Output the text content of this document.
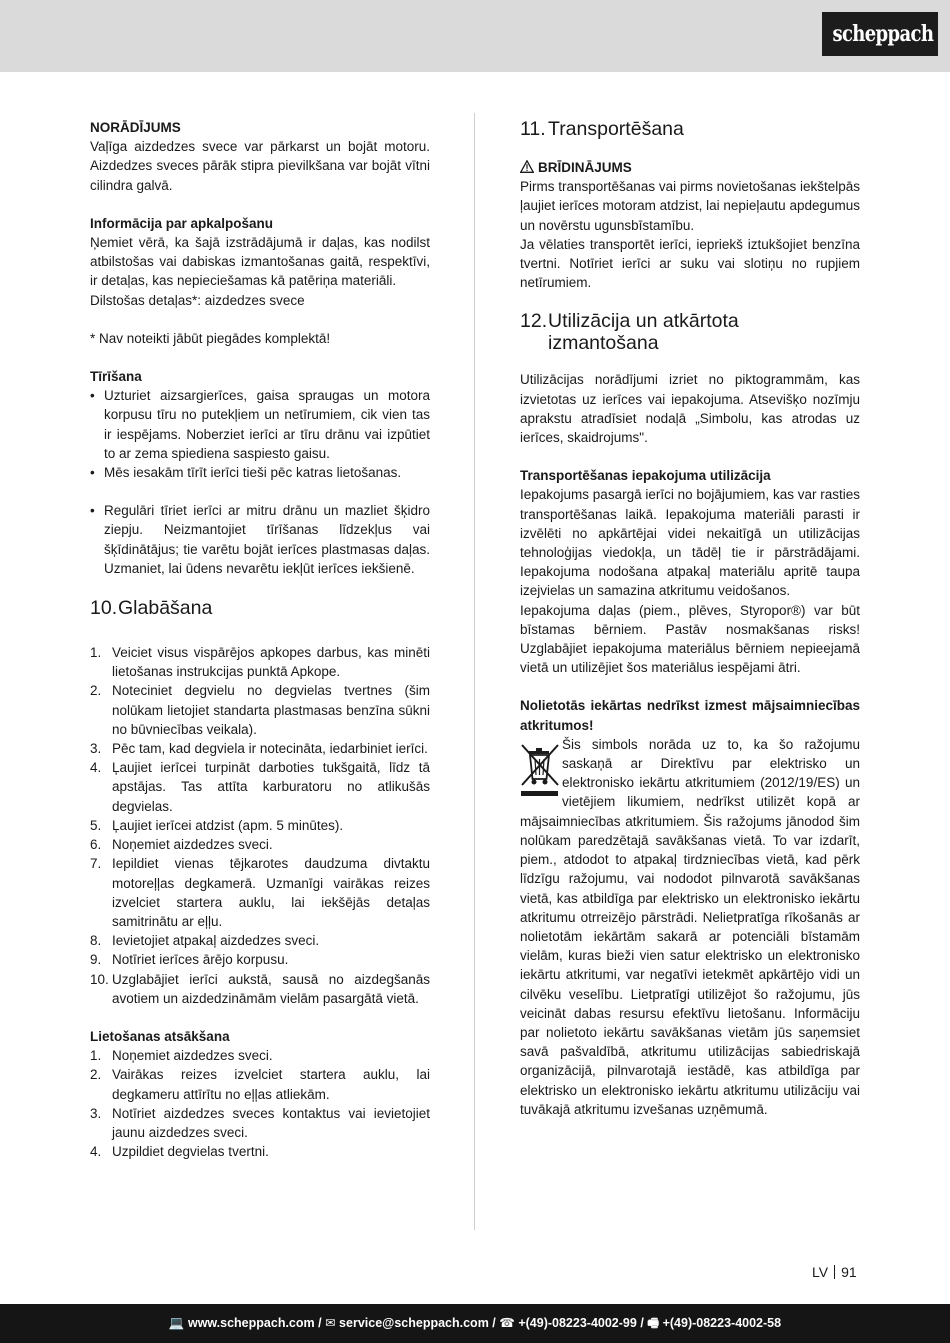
scheppach

NORĀDĪJUMS

Vaļīga aizdedzes svece var pārkarst un bojāt motoru. Aizdedzes sveces pārāk stipra pievilkšana var bojāt vītni cilindra galvā.

Informācija par apkalpošanu

Ņemiet vērā, ka šajā izstrādājumā ir daļas, kas nodilst atbilstošas vai dabiskas izmantošanas gaitā, respektīvi, ir detaļas, kas nepieciešamas kā patēriņa materiāli.

Dilstošas detaļas*: aizdedzes svece

* Nav noteikti jābūt piegādes komplektā!

Tīrīšana

• Uzturiet aizsargierīces, gaisa spraugas un motora korpusu tīru no putekļiem un netīrumiem, cik vien tas ir iespējams. Noberziet ierīci ar tīru drānu vai izpūtiet to ar zema spiediena saspiesto gaisu.
• Mēs iesakām tīrīt ierīci tieši pēc katras lietošanas.
• Regulāri tīriet ierīci ar mitru drānu un mazliet šķidro ziepju. Neizmantojiet tīrīšanas līdzekļus vai šķīdinātājus; tie varētu bojāt ierīces plastmasas daļas. Uzmaniet, lai ūdens nevarētu iekļūt ierīces iekšienē.
10.Glabāšana
1. Veiciet visus vispārējos apkopes darbus, kas minēti lietošanas instrukcijas punktā Apkope.
2. Noteciniet degvielu no degvielas tvertnes (šim nolūkam lietojiet standarta plastmasas benzīna sūkni no būvniecības veikala).
3. Pēc tam, kad degviela ir notecināta, iedarbiniet ierīci.
4. Ļaujiet ierīcei turpināt darboties tukšgaitā, līdz tā apstājas. Tas attīta karburatoru no atlikušās degvielas.
5. Ļaujiet ierīcei atdzist (apm. 5 minūtes).
6. Noņemiet aizdedzes sveci.
7. Iepildiet vienas tējkarotes daudzuma divtaktu motoreļļas degkamerā. Uzmanīgi vairākas reizes izvelciet startera auklu, lai iekšējās detaļas samitrinātu ar eļļu.
8. Ievietojiet atpakaļ aizdedzes sveci.
9. Notīriet ierīces ārējo korpusu.
10. Uzglabājiet ierīci aukstā, sausā no aizdegšanās avotiem un aizdedzināmām vielām pasargātā vietā.

Lietošanas atsākšana

1. Noņemiet aizdedzes sveci.
2. Vairākas reizes izvelciet startera auklu, lai degkameru attīrītu no eļļas atliekām.
3. Notīriet aizdedzes sveces kontaktus vai ievietojiet jaunu aizdedzes sveci.
4. Uzpildiet degvielas tvertni.
11. Transportēšana

BRĪDINĀJUMS

Pirms transportēšanas vai pirms novietošanas iekštelpās ļaujiet ierīces motoram atdzist, lai nepieļautu apdegumus un novērstu ugunsbīstamību.

Ja vēlaties transportēt ierīci, iepriekš iztukšojiet benzīna tvertni. Notīriet ierīci ar suku vai slotiņu no rupjiem netīrumiem.

12.Utilizācija un atkārtota
izmantošana

Utilizācijas norādījumi izriet no piktogrammām, kas izvietotas uz ierīces vai iepakojuma. Atsevišķo nozīmju aprakstu atradīsiet nodaļā „Simbolu, kas atrodas uz ierīces, skaidrojums".

Transportēšanas iepakojuma utilizācija

Iepakojums pasargā ierīci no bojājumiem, kas var rasties transportēšanas laikā. Iepakojuma materiāli parasti ir izvēlēti no apkārtējai videi nekaitīgā un utilizācijas tehnoloģijas viedokļa, un tādēļ tie ir pārstrādājami. Iepakojuma nodošana atpakaļ materiālu apritē taupa izejvielas un samazina atkritumu veidošanos.

Iepakojuma daļas (piem., plēves, Styropor®) var būt bīstamas bērniem. Pastāv nosmakšanas risks! Uzglabājiet iepakojuma materiālus bērniem nepieejamā vietā un utilizējiet šos materiālus iespējami ātri.

Nolietotās iekārtas nedrīkst izmest mājsaimniecības atkritumos!

Šis simbols norāda uz to, ka šo ražojumu saskaņā ar Direktīvu par elektrisko un elektronisko iekārtu atkritumiem (2012/19/ES) un vietējiem likumiem, nedrīkst utilizēt kopā ar mājsaimniecības atkritumiem. Šis ražojums jānodod šim nolūkam paredzētajā savākšanas vietā. To var izdarīt, piem., atdodot to atpakaļ tirdzniecības vietā, kad pērk līdzīgu ražojumu, vai nododot pilnvarotā savākšanas vietā, kas atbildīga par elektrisko un elektronisko iekārtu atkritumu otrreizējo pārstrādi. Nelietpratīga rīkošanās ar nolietotām iekārtām sakarā ar potenciāli bīstamām vielām, kuras bieži vien satur elektrisko un elektronisko iekārtu atkritumi, var negatīvi ietekmēt apkārtējo vidi un cilvēku veselību. Lietpratīgi utilizējot šo ražojumu, jūs veicināt dabas resursu efektīvu lietošanu. Informāciju par nolietoto iekārtu savākšanas vietām jūs saņemsiet savā pašvaldībā, atkritumu utilizācijas sabiedriskajā organizācijā, pilnvarotajā iestādē, kas atbildīga par elektrisko un elektronisko iekārtu atkritumu utilizāciju vai tuvākajā atkritumu izvešanas uzņēmumā.

LV 91
💻 www.scheppach.com / ✉ service@scheppach.com / ☎ +(49)-08223-4002-99 / 🖷 +(49)-08223-4002-58
